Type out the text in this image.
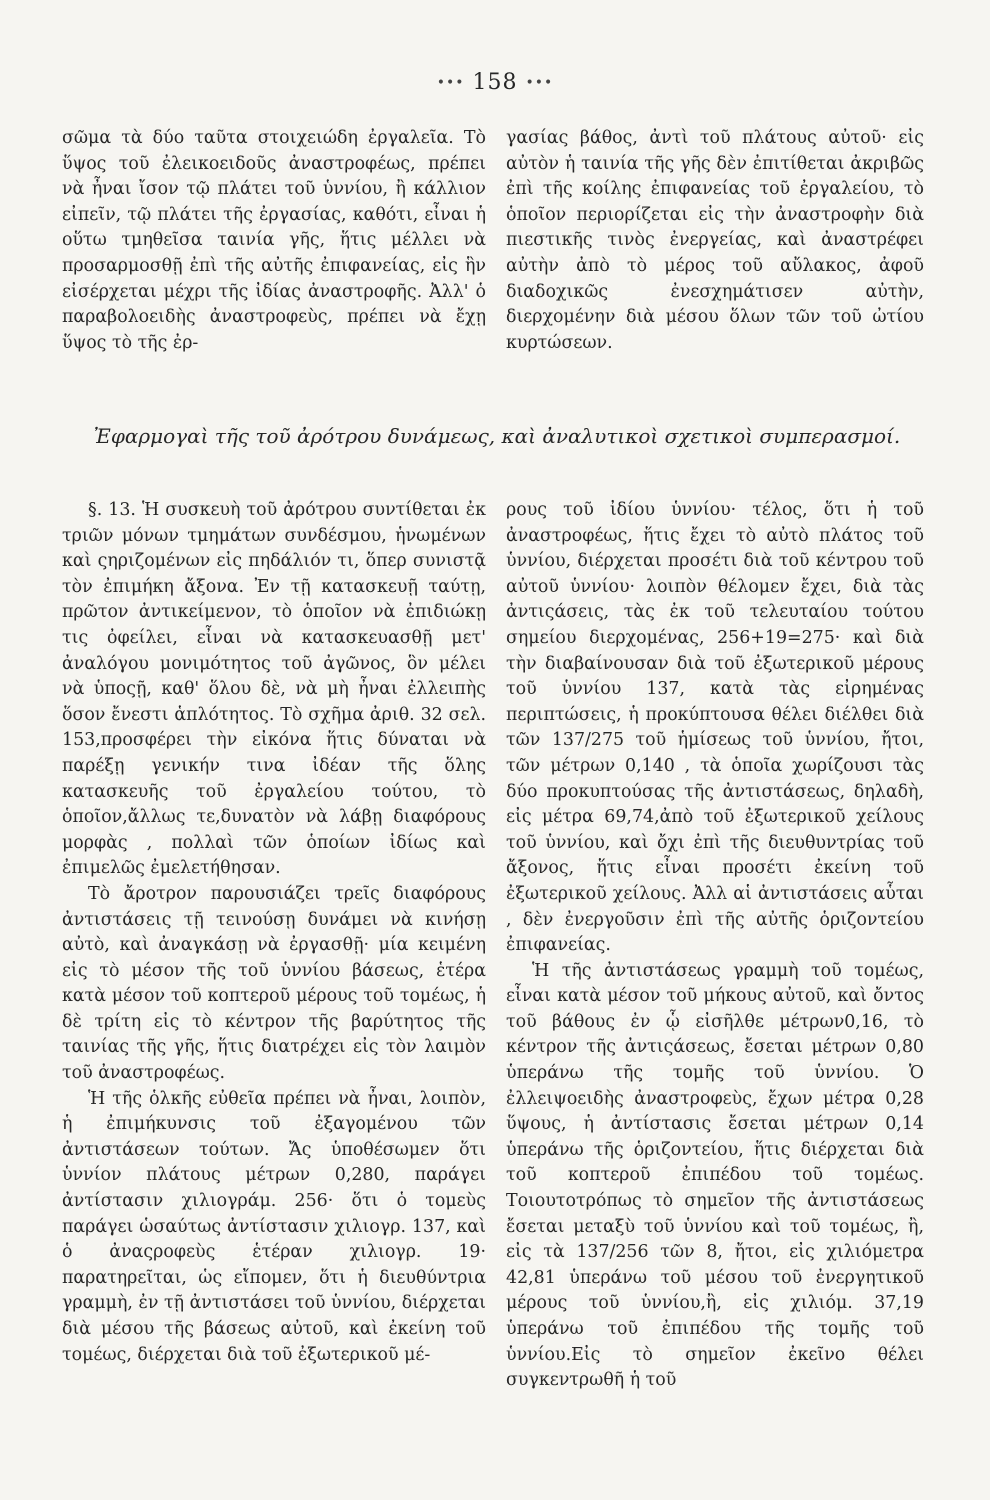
••• 158 •••

σῶμα τὰ δύο ταῦτα στοιχειώδη ἐργαλεῖα. Τὸ ὕψος τοῦ ἐλεικοειδοῦς ἀναστροφέως, πρέπει νὰ ἦναι ἴσον τῷ πλάτει τοῦ ὑννίου, ἢ κάλλιον εἰπεῖν, τῷ πλάτει τῆς ἐργασίας, καθότι, εἶναι ἡ οὕτω τμηθεῖσα ταινία γῆς, ἥτις μέλλει νὰ προσαρμοσθῇ ἐπὶ τῆς αὐτῆς ἐπιφανείας, εἰς ἣν εἰσέρχεται μέχρι τῆς ἰδίας ἀναστροφῆς. Ἀλλ' ὁ παραβολοειδὴς ἀναστροφεὺς, πρέπει νὰ ἔχῃ ὕψος τὸ τῆς ἐρ-

γασίας βάθος, ἀντὶ τοῦ πλάτους αὐτοῦ· εἰς αὐτὸν ἡ ταινία τῆς γῆς δὲν ἐπιτίθεται ἀκριβῶς ἐπὶ τῆς κοίλης ἐπιφανείας τοῦ ἐργαλείου, τὸ ὁποῖον περιορίζεται εἰς τὴν ἀναστροφὴν διὰ πιεστικῆς τινὸς ἐνεργείας, καὶ ἀναστρέφει αὐτὴν ἀπὸ τὸ μέρος τοῦ αὔλακος, ἀφοῦ διαδοχικῶς ἐνεσχημάτισεν αὐτὴν, διερχομένην διὰ μέσου ὅλων τῶν τοῦ ὠτίου κυρτώσεων.

Ἐφαρμογαὶ τῆς τοῦ ἀρότρου δυνάμεως, καὶ ἀναλυτικοὶ σχετικοὶ συμπερασμοί.

§. 13. Ἡ συσκευὴ τοῦ ἀρότρου συντίθεται ἐκ τριῶν μόνων τμημάτων συνδέσμου, ἡνωμένων καὶ ςηριζομένων εἰς πηδάλιόν τι, ὅπερ συνιστᾷ τὸν ἐπιμήκη ἄξονα. Ἐν τῇ κατασκευῇ ταύτῃ, πρῶτον ἀντικείμενον, τὸ ὁποῖον νὰ ἐπιδιώκῃ τις ὀφείλει, εἶναι νὰ κατασκευασθῇ μετ' ἀναλόγου μονιμότητος τοῦ ἀγῶνος, ὃν μέλει νὰ ὑποςῇ, καθ' ὅλου δὲ, νὰ μὴ ἦναι ἐλλειπὴς ὅσον ἔνεστι ἁπλότητος. Τὸ σχῆμα ἀριθ. 32 σελ. 153,προσφέρει τὴν εἰκόνα ἥτις δύναται νὰ παρέξῃ γενικήν τινα ἰδέαν τῆς ὅλης κατασκευῆς τοῦ ἐργαλείου τούτου, τὸ ὁποῖον,ἄλλως τε,δυνατὸν νὰ λάβῃ διαφόρους μορφὰς , πολλαὶ τῶν ὁποίων ἰδίως καὶ ἐπιμελῶς ἐμελετήθησαν.

Τὸ ἄροτρον παρουσιάζει τρεῖς διαφόρους ἀντιστάσεις τῇ τεινούσῃ δυνάμει νὰ κινήσῃ αὐτὸ, καὶ ἀναγκάσῃ νὰ ἐργασθῇ· μία κειμένη εἰς τὸ μέσον τῆς τοῦ ὑννίου βάσεως, ἑτέρα κατὰ μέσον τοῦ κοπτεροῦ μέρους τοῦ τομέως, ἡ δὲ τρίτη εἰς τὸ κέντρον τῆς βαρύτητος τῆς ταινίας τῆς γῆς, ἥτις διατρέχει εἰς τὸν λαιμὸν τοῦ ἀναστροφέως.

Ἡ τῆς ὁλκῆς εὐθεῖα πρέπει νὰ ἦναι, λοιπὸν, ἡ ἐπιμήκυνσις τοῦ ἐξαγομένου τῶν ἀντιστάσεων τούτων. Ἄς ὑποθέσωμεν ὅτι ὑννίον πλάτους μέτρων 0,280, παράγει ἀντίστασιν χιλιογράμ. 256· ὅτι ὁ τομεὺς παράγει ὡσαύτως ἀντίστασιν χιλιογρ. 137, καὶ ὁ ἀναςροφεὺς ἑτέραν χιλιογρ. 19· παρατηρεῖται, ὡς εἴπομεν, ὅτι ἡ διευθύντρια γραμμὴ, ἐν τῇ ἀντιστάσει τοῦ ὑννίου, διέρχεται διὰ μέσου τῆς βάσεως αὐτοῦ, καὶ ἐκείνη τοῦ τομέως, διέρχεται διὰ τοῦ ἐξωτερικοῦ μέ-

ρους τοῦ ἰδίου ὑννίου· τέλος, ὅτι ἡ τοῦ ἀναστροφέως, ἥτις ἔχει τὸ αὐτὸ πλάτος τοῦ ὑννίου, διέρχεται προσέτι διὰ τοῦ κέντρου τοῦ αὐτοῦ ὑννίου· λοιπὸν θέλομεν ἔχει, διὰ τὰς ἀντιςάσεις, τὰς ἐκ τοῦ τελευταίου τούτου σημείου διερχομένας, 256+19=275· καὶ διὰ τὴν διαβαίνουσαν διὰ τοῦ ἐξωτερικοῦ μέρους τοῦ ὑννίου 137, κατὰ τὰς εἰρημένας περιπτώσεις, ἡ προκύπτουσα θέλει διέλθει διὰ τῶν 137/275 τοῦ ἡμίσεως τοῦ ὑννίου, ἤτοι, τῶν μέτρων 0,140 , τὰ ὁποῖα χωρίζουσι τὰς δύο προκυπτούσας τῆς ἀντιστάσεως, δηλαδὴ, εἰς μέτρα 69,74,ἀπὸ τοῦ ἐξωτερικοῦ χείλους τοῦ ὑννίου, καὶ ὄχι ἐπὶ τῆς διευθυντρίας τοῦ ἄξονος, ἥτις εἶναι προσέτι ἐκείνη τοῦ ἐξωτερικοῦ χείλους. Ἀλλ αἱ ἀντιστάσεις αὗται , δὲν ἐνεργοῦσιν ἐπὶ τῆς αὐτῆς ὁριζοντείου ἐπιφανείας.

Ἡ τῆς ἀντιστάσεως γραμμὴ τοῦ τομέως, εἶναι κατὰ μέσον τοῦ μήκους αὐτοῦ, καὶ ὄντος τοῦ βάθους ἐν ᾧ εἰσῆλθε μέτρων0,16, τὸ κέντρον τῆς ἀντιςάσεως, ἔσεται μέτρων 0,80 ὑπεράνω τῆς τομῆς τοῦ ὑννίου. Ὁ ἐλλειψοειδὴς ἀναστροφεὺς, ἔχων μέτρα 0,28 ὕψους, ἡ ἀντίστασις ἔσεται μέτρων 0,14 ὑπεράνω τῆς ὁριζοντείου, ἥτις διέρχεται διὰ τοῦ κοπτεροῦ ἐπιπέδου τοῦ τομέως. Τοιουτοτρόπως τὸ σημεῖον τῆς ἀντιστάσεως ἔσεται μεταξὺ τοῦ ὑννίου καὶ τοῦ τομέως, ἢ, εἰς τὰ 137/256 τῶν 8, ἤτοι, εἰς χιλιόμετρα 42,81 ὑπεράνω τοῦ μέσου τοῦ ἐνεργητικοῦ μέρους τοῦ ὑννίου,ἢ, εἰς χιλιόμ. 37,19 ὑπεράνω τοῦ ἐπιπέδου τῆς τομῆς τοῦ ὑννίου.Εἰς τὸ σημεῖον ἐκεῖνο θέλει συγκεντρωθῆ ἡ τοῦ
